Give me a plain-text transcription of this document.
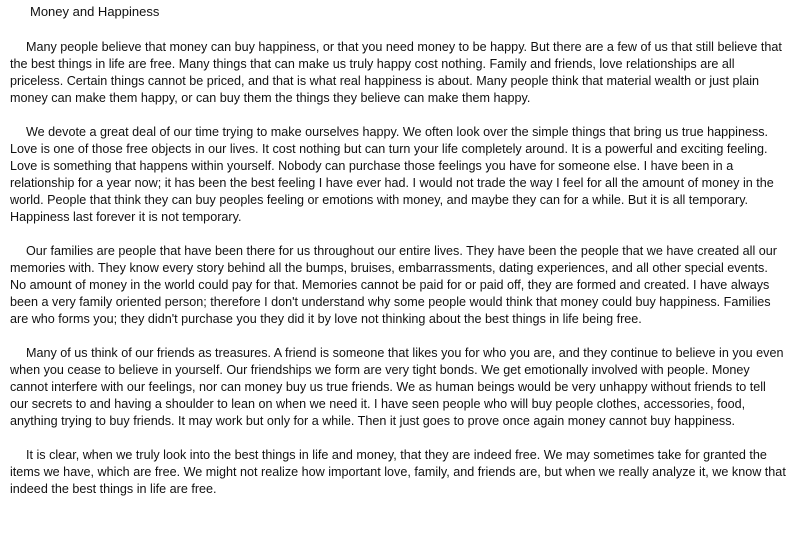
Money and Happiness

Many people believe that money can buy happiness, or that you need money to be happy. But there are a few of us that still believe that the best things in life are free. Many things that can make us truly happy cost nothing. Family and friends, love relationships are all priceless. Certain things cannot be priced, and that is what real happiness is about. Many people think that material wealth or just plain money can make them happy, or can buy them the things they believe can make them happy.

We devote a great deal of our time trying to make ourselves happy. We often look over the simple things that bring us true happiness. Love is one of those free objects in our lives. It cost nothing but can turn your life completely around. It is a powerful and exciting feeling. Love is something that happens within yourself. Nobody can purchase those feelings you have for someone else. I have been in a relationship for a year now; it has been the best feeling I have ever had. I would not trade the way I feel for all the amount of money in the world. People that think they can buy peoples feeling or emotions with money, and maybe they can for a while. But it is all temporary. Happiness last forever it is not temporary.

Our families are people that have been there for us throughout our entire lives. They have been the people that we have created all our memories with. They know every story behind all the bumps, bruises, embarrassments, dating experiences, and all other special events. No amount of money in the world could pay for that. Memories cannot be paid for or paid off, they are formed and created. I have always been a very family oriented person; therefore I don't understand why some people would think that money could buy happiness. Families are who forms you; they didn't purchase you they did it by love not thinking about the best things in life being free.

Many of us think of our friends as treasures. A friend is someone that likes you for who you are, and they continue to believe in you even when you cease to believe in yourself. Our friendships we form are very tight bonds. We get emotionally involved with people. Money cannot interfere with our feelings, nor can money buy us true friends. We as human beings would be very unhappy without friends to tell our secrets to and having a shoulder to lean on when we need it. I have seen people who will buy people clothes, accessories, food, anything trying to buy friends. It may work but only for a while. Then it just goes to prove once again money cannot buy happiness.

It is clear, when we truly look into the best things in life and money, that they are indeed free. We may sometimes take for granted the items we have, which are free. We might not realize how important love, family, and friends are, but when we really analyze it, we know that indeed the best things in life are free.
